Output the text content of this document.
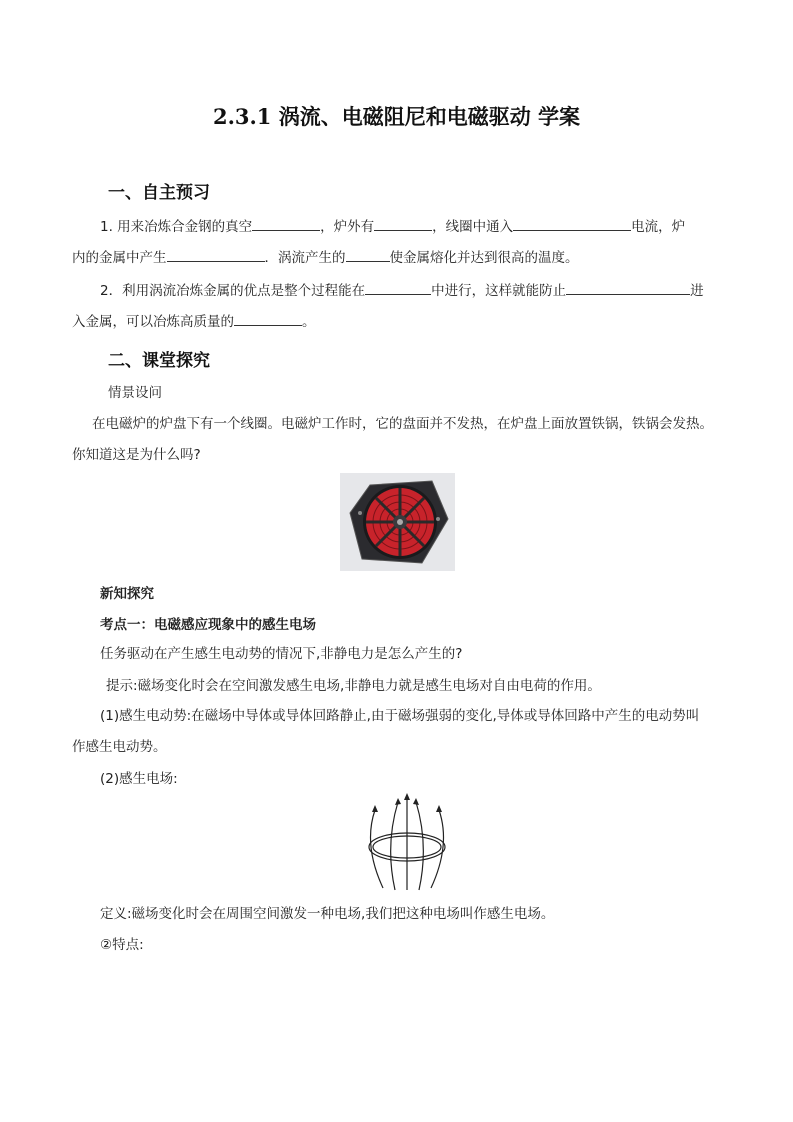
2.3.1 涡流、电磁阻尼和电磁驱动 学案
一、自主预习
1. 用来冶炼合金钢的真空	，炉外有	，线圈中通入	电流，炉
内的金属中产生	．涡流产生的	使金属熔化并达到很高的温度。
2．利用涡流冶炼金属的优点是整个过程能在	中进行，这样就能防止	进
入金属，可以冶炼高质量的	。
二、课堂探究
情景设问
在电磁炉的炉盘下有一个线圈。电磁炉工作时，它的盘面并不发热，在炉盘上面放置铁锅，铁锅会发热。
你知道这是为什么吗?
新知探究
考点一：电磁感应现象中的感生电场
任务驱动在产生感生电动势的情况下,非静电力是怎么产生的?
提示:磁场变化时会在空间激发感生电场,非静电力就是感生电场对自由电荷的作用。
(1)感生电动势:在磁场中导体或导体回路静止,由于磁场强弱的变化,导体或导体回路中产生的电动势叫
作感生电动势。
(2)感生电场:
定义:磁场变化时会在周围空间激发一种电场,我们把这种电场叫作感生电场。
②特点:
